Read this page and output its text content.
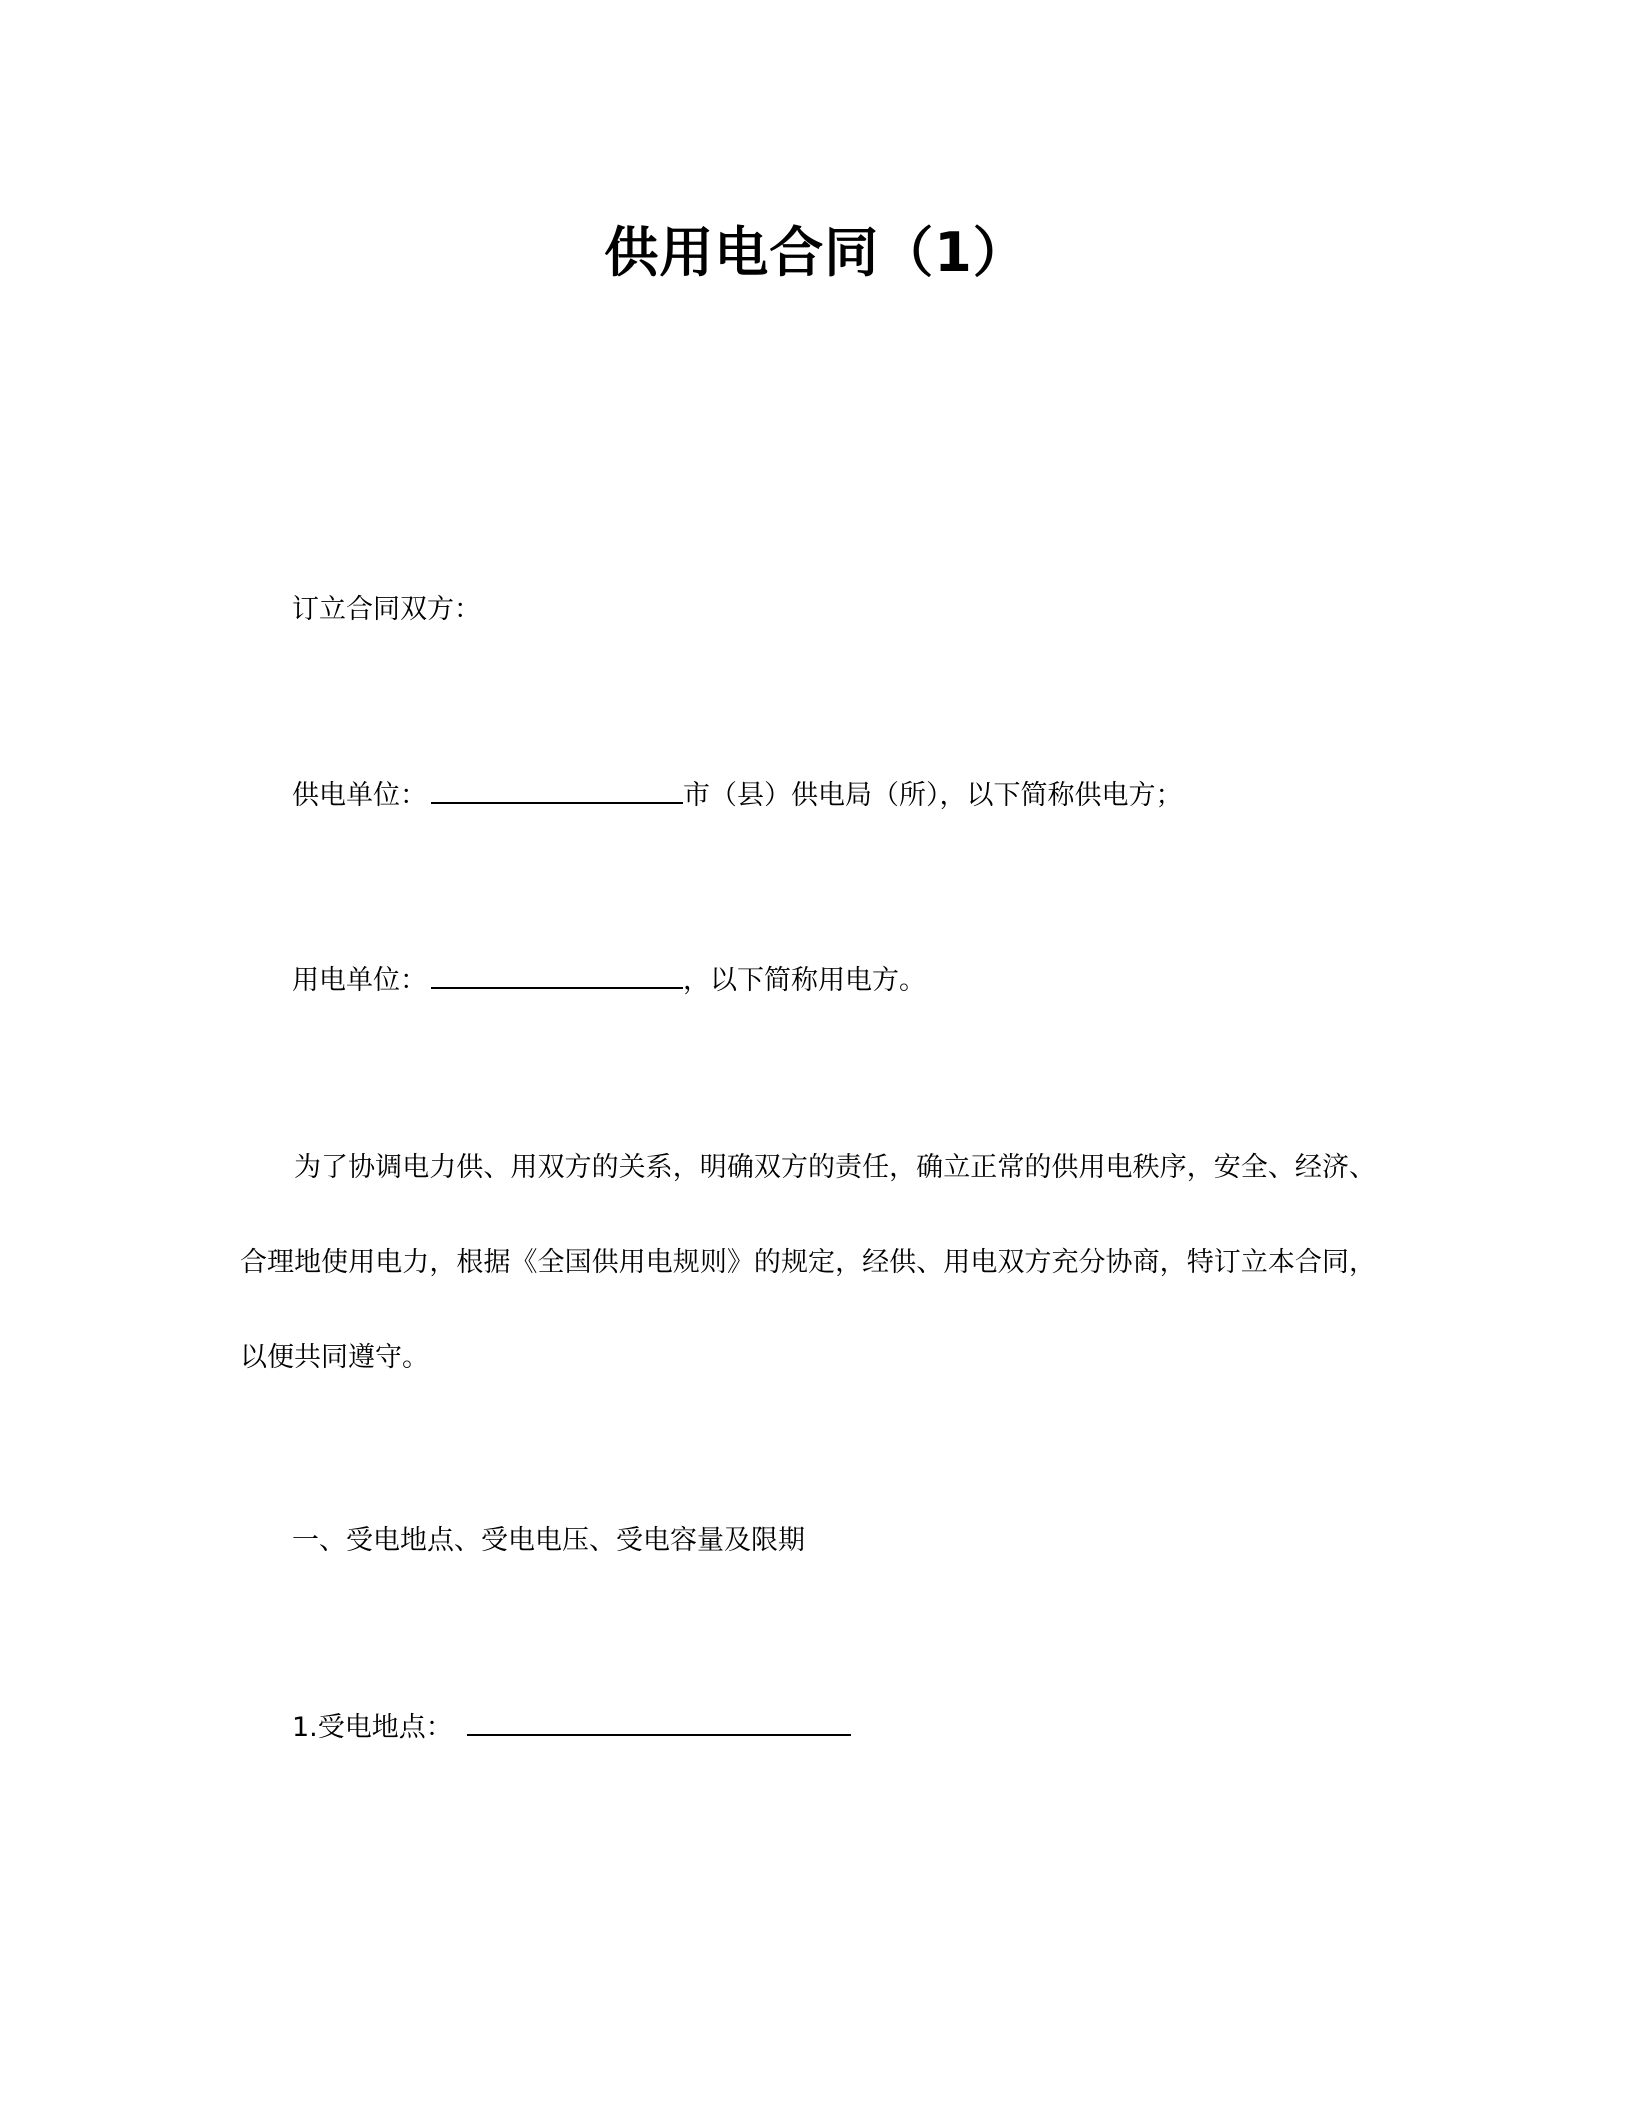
供用电合同（1）
订立合同双方：
供电单位：	市（县）供电局（所），以下简称供电方；
用电单位：	，以下简称用电方。
为了协调电力供、用双方的关系，明确双方的责任，确立正常的供用电秩序，安全、经济、合理地使用电力，根据《全国供用电规则》的规定，经供、用电双方充分协商，特订立本合同，以便共同遵守。
一、受电地点、受电电压、受电容量及限期
1.受电地点：
